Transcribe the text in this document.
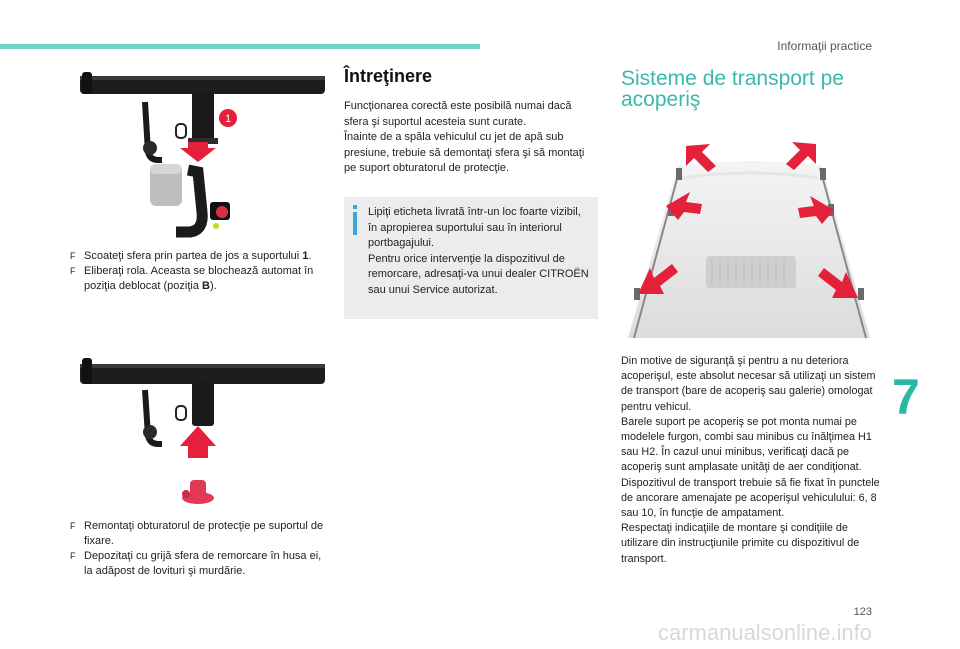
Informaţii practice
1
F Scoateţi sfera prin partea de jos a suportului 1.
F Eliberaţi rola. Aceasta se blochează automat în poziţia deblocat (poziţia B).
F Remontaţi obturatorul de protecţie pe suportul de fixare.
F Depozitaţi cu grijă sfera de remorcare în husa ei, la adăpost de lovituri şi murdărie.
Întreţinere

Funcţionarea corectă este posibilă numai dacă sfera şi suportul acesteia sunt curate.
Înainte de a spăla vehiculul cu jet de apă sub presiune, trebuie să demontaţi sfera şi să montaţi pe suport obturatorul de protecţie.

Lipiţi eticheta livrată într-un loc foarte vizibil, în apropierea suportului sau în interiorul portbagajului.
Pentru orice intervenţie la dispozitivul de remorcare, adresaţi-va unui dealer CITROËN sau unui Service autorizat.
Sisteme de transport pe acoperiş

Din motive de siguranţă şi pentru a nu deteriora acoperişul, este absolut necesar să utilizaţi un sistem de transport (bare de acoperiş sau galerie) omologat pentru vehicul.
Barele suport pe acoperiş se pot monta numai pe modelele furgon, combi sau minibus cu înălţimea H1 sau H2. În cazul unui minibus, verificaţi dacă pe acoperiş sunt amplasate unităţi de aer condiţionat.
Dispozitivul de transport trebuie să fie fixat în punctele de ancorare amenajate pe acoperişul vehiculului: 6, 8 sau 10, în funcţie de ampatament.
Respectaţi indicaţiile de montare şi condiţiile de utilizare din instrucţiunile primite cu dispozitivul de transport.

7
123
carmanualsonline.info
